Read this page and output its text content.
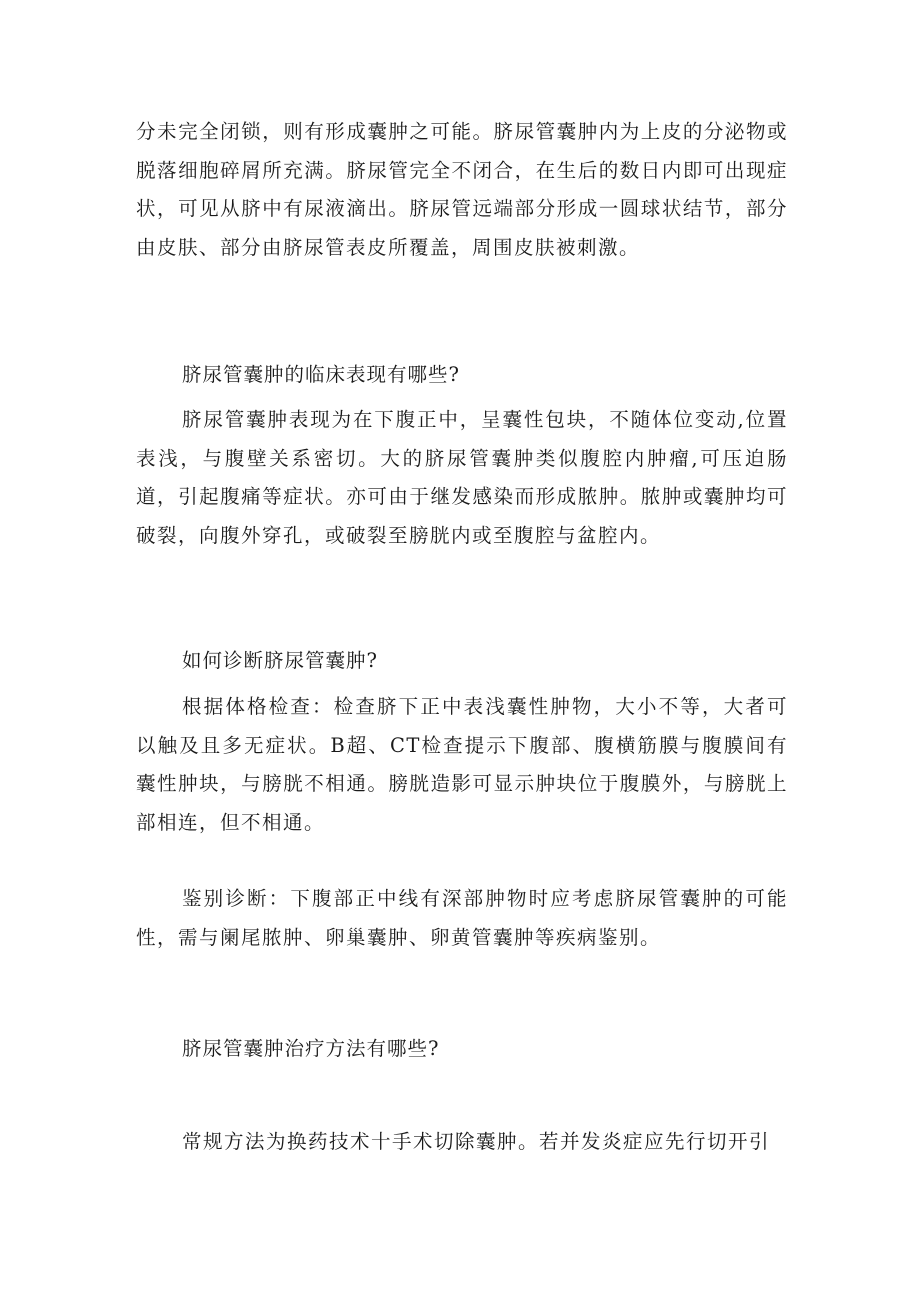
分未完全闭锁，则有形成囊肿之可能。脐尿管囊肿内为上皮的分泌物或脱落细胞碎屑所充满。脐尿管完全不闭合，在生后的数日内即可出现症状，可见从脐中有尿液滴出。脐尿管远端部分形成一圆球状结节，部分由皮肤、部分由脐尿管表皮所覆盖，周围皮肤被刺激。

脐尿管囊肿的临床表现有哪些?

脐尿管囊肿表现为在下腹正中，呈囊性包块，不随体位变动,位置表浅，与腹壁关系密切。大的脐尿管囊肿类似腹腔内肿瘤,可压迫肠道，引起腹痛等症状。亦可由于继发感染而形成脓肿。脓肿或囊肿均可破裂，向腹外穿孔，或破裂至膀胱内或至腹腔与盆腔内。

如何诊断脐尿管囊肿?

根据体格检查：检查脐下正中表浅囊性肿物，大小不等，大者可以触及且多无症状。B超、CT检查提示下腹部、腹横筋膜与腹膜间有囊性肿块，与膀胱不相通。膀胱造影可显示肿块位于腹膜外，与膀胱上部相连，但不相通。

鉴别诊断：下腹部正中线有深部肿物时应考虑脐尿管囊肿的可能性，需与阑尾脓肿、卵巢囊肿、卵黄管囊肿等疾病鉴别。

脐尿管囊肿治疗方法有哪些?

常规方法为换药技术十手术切除囊肿。若并发炎症应先行切开引
